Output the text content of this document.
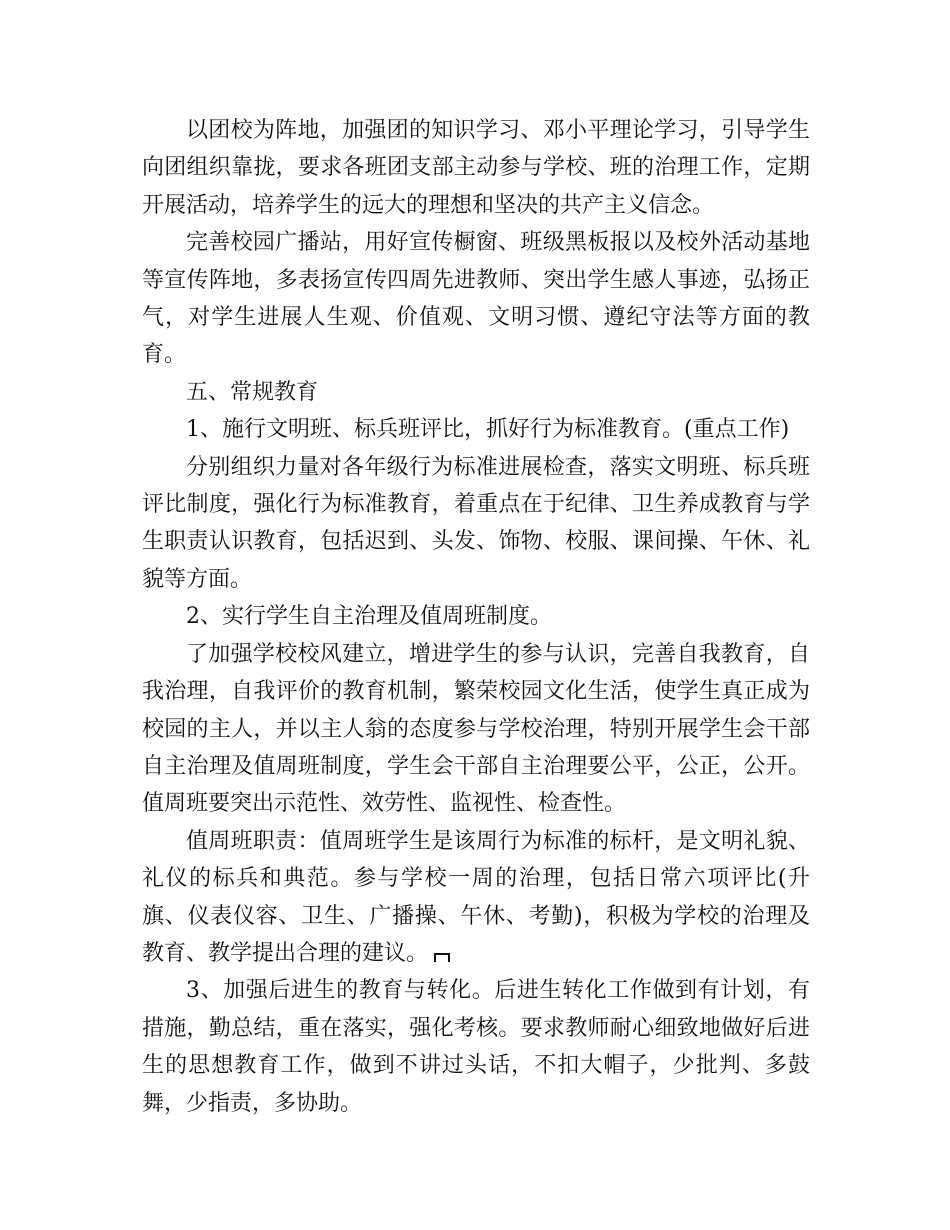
以团校为阵地，加强团的知识学习、邓小平理论学习，引导学生向团组织靠拢，要求各班团支部主动参与学校、班的治理工作，定期开展活动，培养学生的远大的理想和坚决的共产主义信念。

完善校园广播站，用好宣传橱窗、班级黑板报以及校外活动基地等宣传阵地，多表扬宣传四周先进教师、突出学生感人事迹，弘扬正气，对学生进展人生观、价值观、文明习惯、遵纪守法等方面的教育。

五、常规教育

1、施行文明班、标兵班评比，抓好行为标准教育。(重点工作)

分别组织力量对各年级行为标准进展检查，落实文明班、标兵班评比制度，强化行为标准教育，着重点在于纪律、卫生养成教育与学生职责认识教育，包括迟到、头发、饰物、校服、课间操、午休、礼貌等方面。

2、实行学生自主治理及值周班制度。

了加强学校校风建立，增进学生的参与认识，完善自我教育，自我治理，自我评价的教育机制，繁荣校园文化生活，使学生真正成为校园的主人，并以主人翁的态度参与学校治理，特别开展学生会干部自主治理及值周班制度，学生会干部自主治理要公平，公正，公开。值周班要突出示范性、效劳性、监视性、检查性。

值周班职责：值周班学生是该周行为标准的标杆，是文明礼貌、礼仪的标兵和典范。参与学校一周的治理，包括日常六项评比(升旗、仪表仪容、卫生、广播操、午休、考勤)，积极为学校的治理及教育、教学提出合理的建议。

3、加强后进生的教育与转化。后进生转化工作做到有计划，有措施，勤总结，重在落实，强化考核。要求教师耐心细致地做好后进生的思想教育工作，做到不讲过头话，不扣大帽子，少批判、多鼓舞，少指责，多协助。
